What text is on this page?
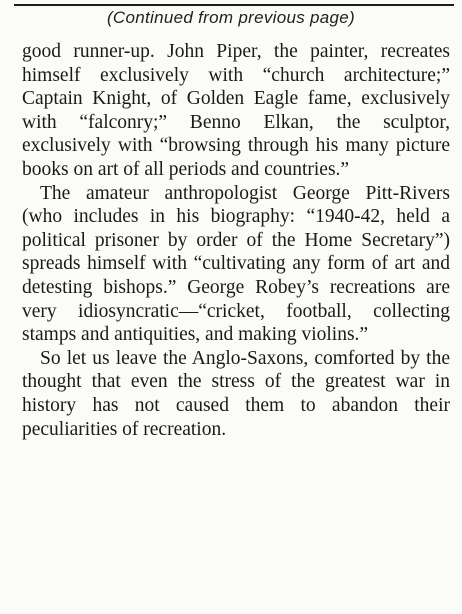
(Continued from previous page)

good runner-up. John Piper, the painter, recreates himself exclusively with “church architecture;” Captain Knight, of Golden Eagle fame, exclusively with “falconry;” Benno Elkan, the sculptor, exclusively with “browsing through his many picture books on art of all periods and countries.”

The amateur anthropologist George Pitt-Rivers (who includes in his biography: “1940-42, held a political prisoner by order of the Home Secretary”) spreads himself with “cultivating any form of art and detesting bishops.” George Robey’s recreations are very idiosyncratic—“cricket, football, collecting stamps and antiquities, and making violins.”

So let us leave the Anglo-Saxons, comforted by the thought that even the stress of the greatest war in history has not caused them to abandon their peculiarities of recreation.
